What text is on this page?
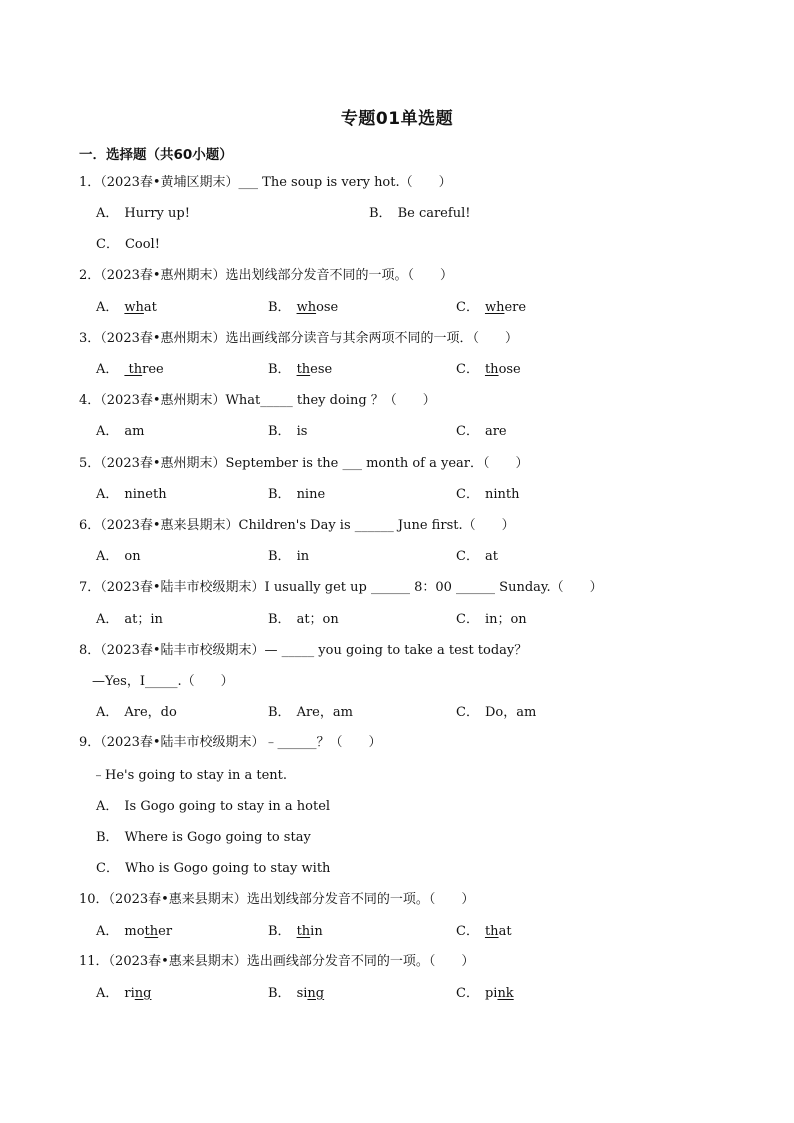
专题01单选题
一．选择题（共60小题）
1．（2023春•黄埔区期末）___ The soup is very hot.（　　）
A． Hurry up!	B． Be careful!
C． Cool!
2．（2023春•惠州期末）选出划线部分发音不同的一项。（　　）
A． what	B． whose	C． where
3．（2023春•惠州期末）选出画线部分读音与其余两项不同的一项．（　　）
A． three	B． these	C． those
4．（2023春•惠州期末）What_____ they doing ？（　　）
A． am	B． is	C． are
5．（2023春•惠州期末）September is the ___ month of a year．（　　）
A． nineth	B． nine	C． ninth
6．（2023春•惠来县期末）Children's Day is ______ June first.（　　）
A． on	B． in	C． at
7．（2023春•陆丰市校级期末）I usually get up ______ 8：00 ______ Sunday.（　　）
A． at；in	B． at；on	C． in；on
8．（2023春•陆丰市校级期末）— _____ you going to take a test today？
—Yes，I_____.（　　）
A． Are，do	B． Are，am	C． Do，am
9．（2023春•陆丰市校级期末）﹣______？（　　）
﹣He's going to stay in a tent.
A． Is Gogo going to stay in a hotel
B． Where is Gogo going to stay
C． Who is Gogo going to stay with
10．（2023春•惠来县期末）选出划线部分发音不同的一项。（　　）
A． mother	B． thin	C． that
11．（2023春•惠来县期末）选出画线部分发音不同的一项。（　　）
A． ring	B． sing	C． pink
